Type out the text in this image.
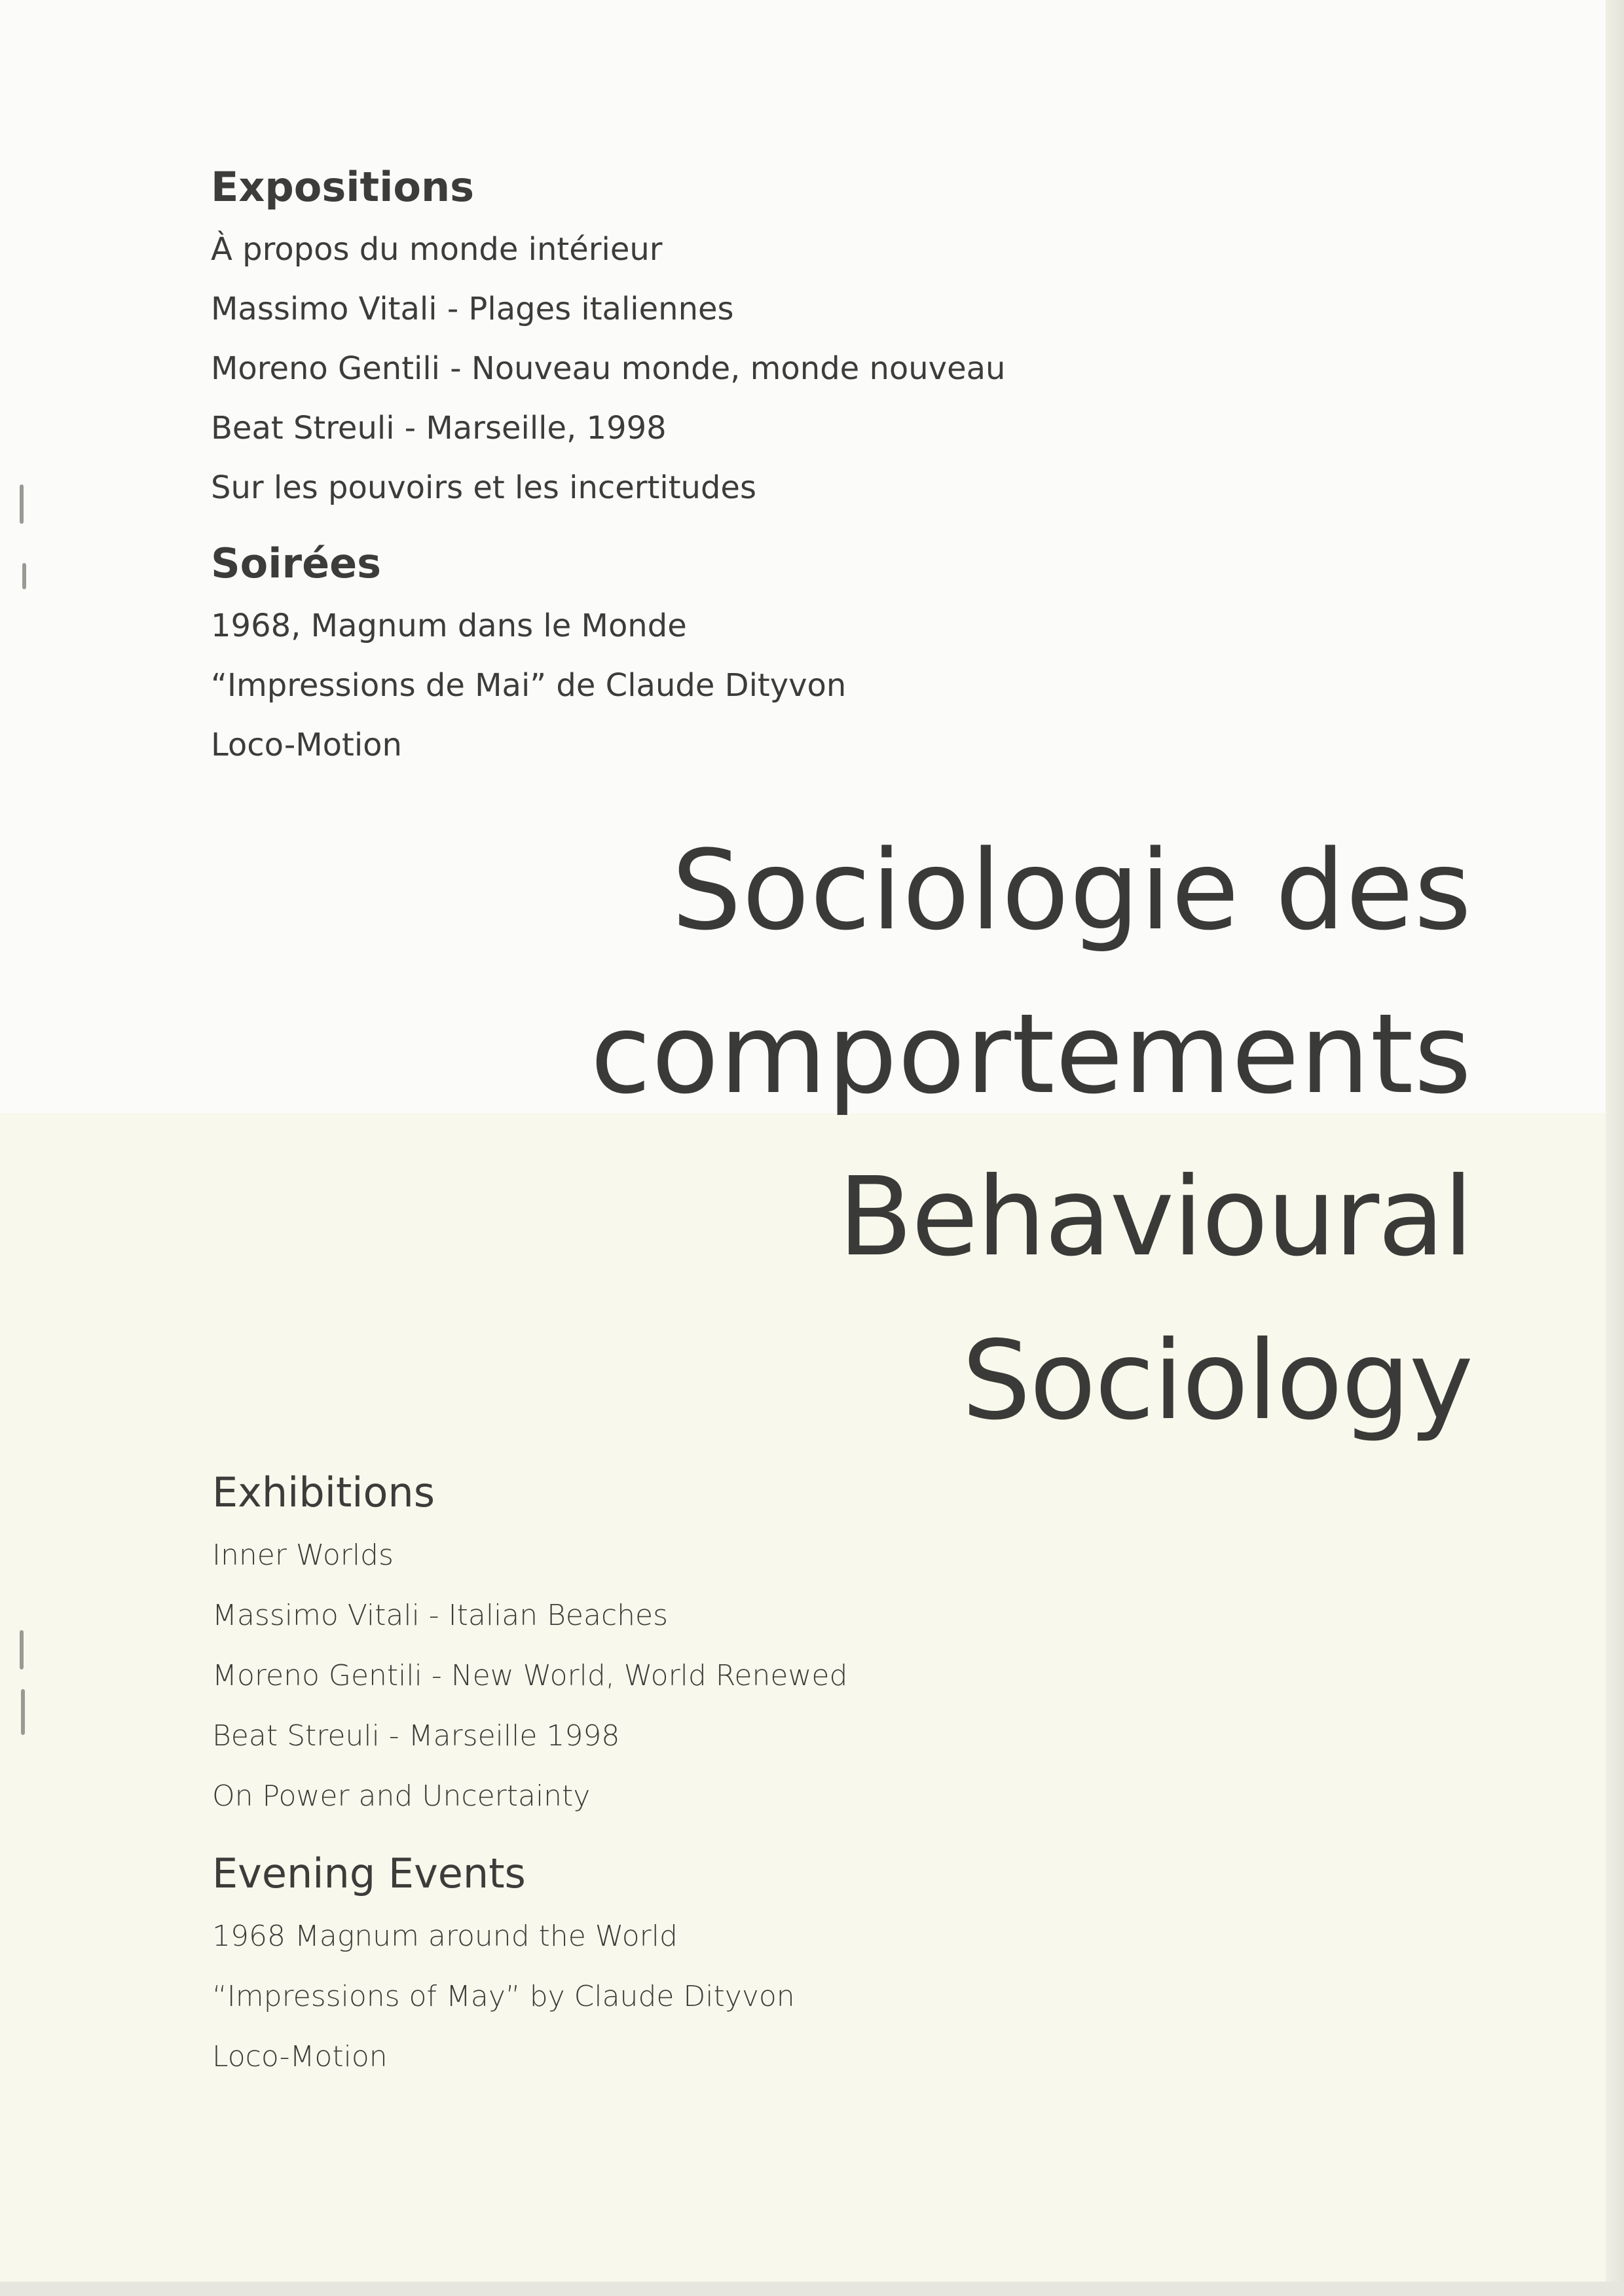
Expositions

À propos du monde intérieur

Massimo Vitali - Plages italiennes

Moreno Gentili - Nouveau monde, monde nouveau

Beat Streuli - Marseille, 1998

Sur les pouvoirs et les incertitudes

Soirées

1968, Magnum dans le Monde

“Impressions de Mai” de Claude Dityvon

Loco-Motion

Sociologie des

comportements

Behavioural

Sociology

Exhibitions

Inner Worlds

Massimo Vitali - Italian Beaches

Moreno Gentili - New World, World Renewed

Beat Streuli - Marseille 1998

On Power and Uncertainty

Evening Events

1968 Magnum around the World

“Impressions of May” by Claude Dityvon

Loco-Motion
